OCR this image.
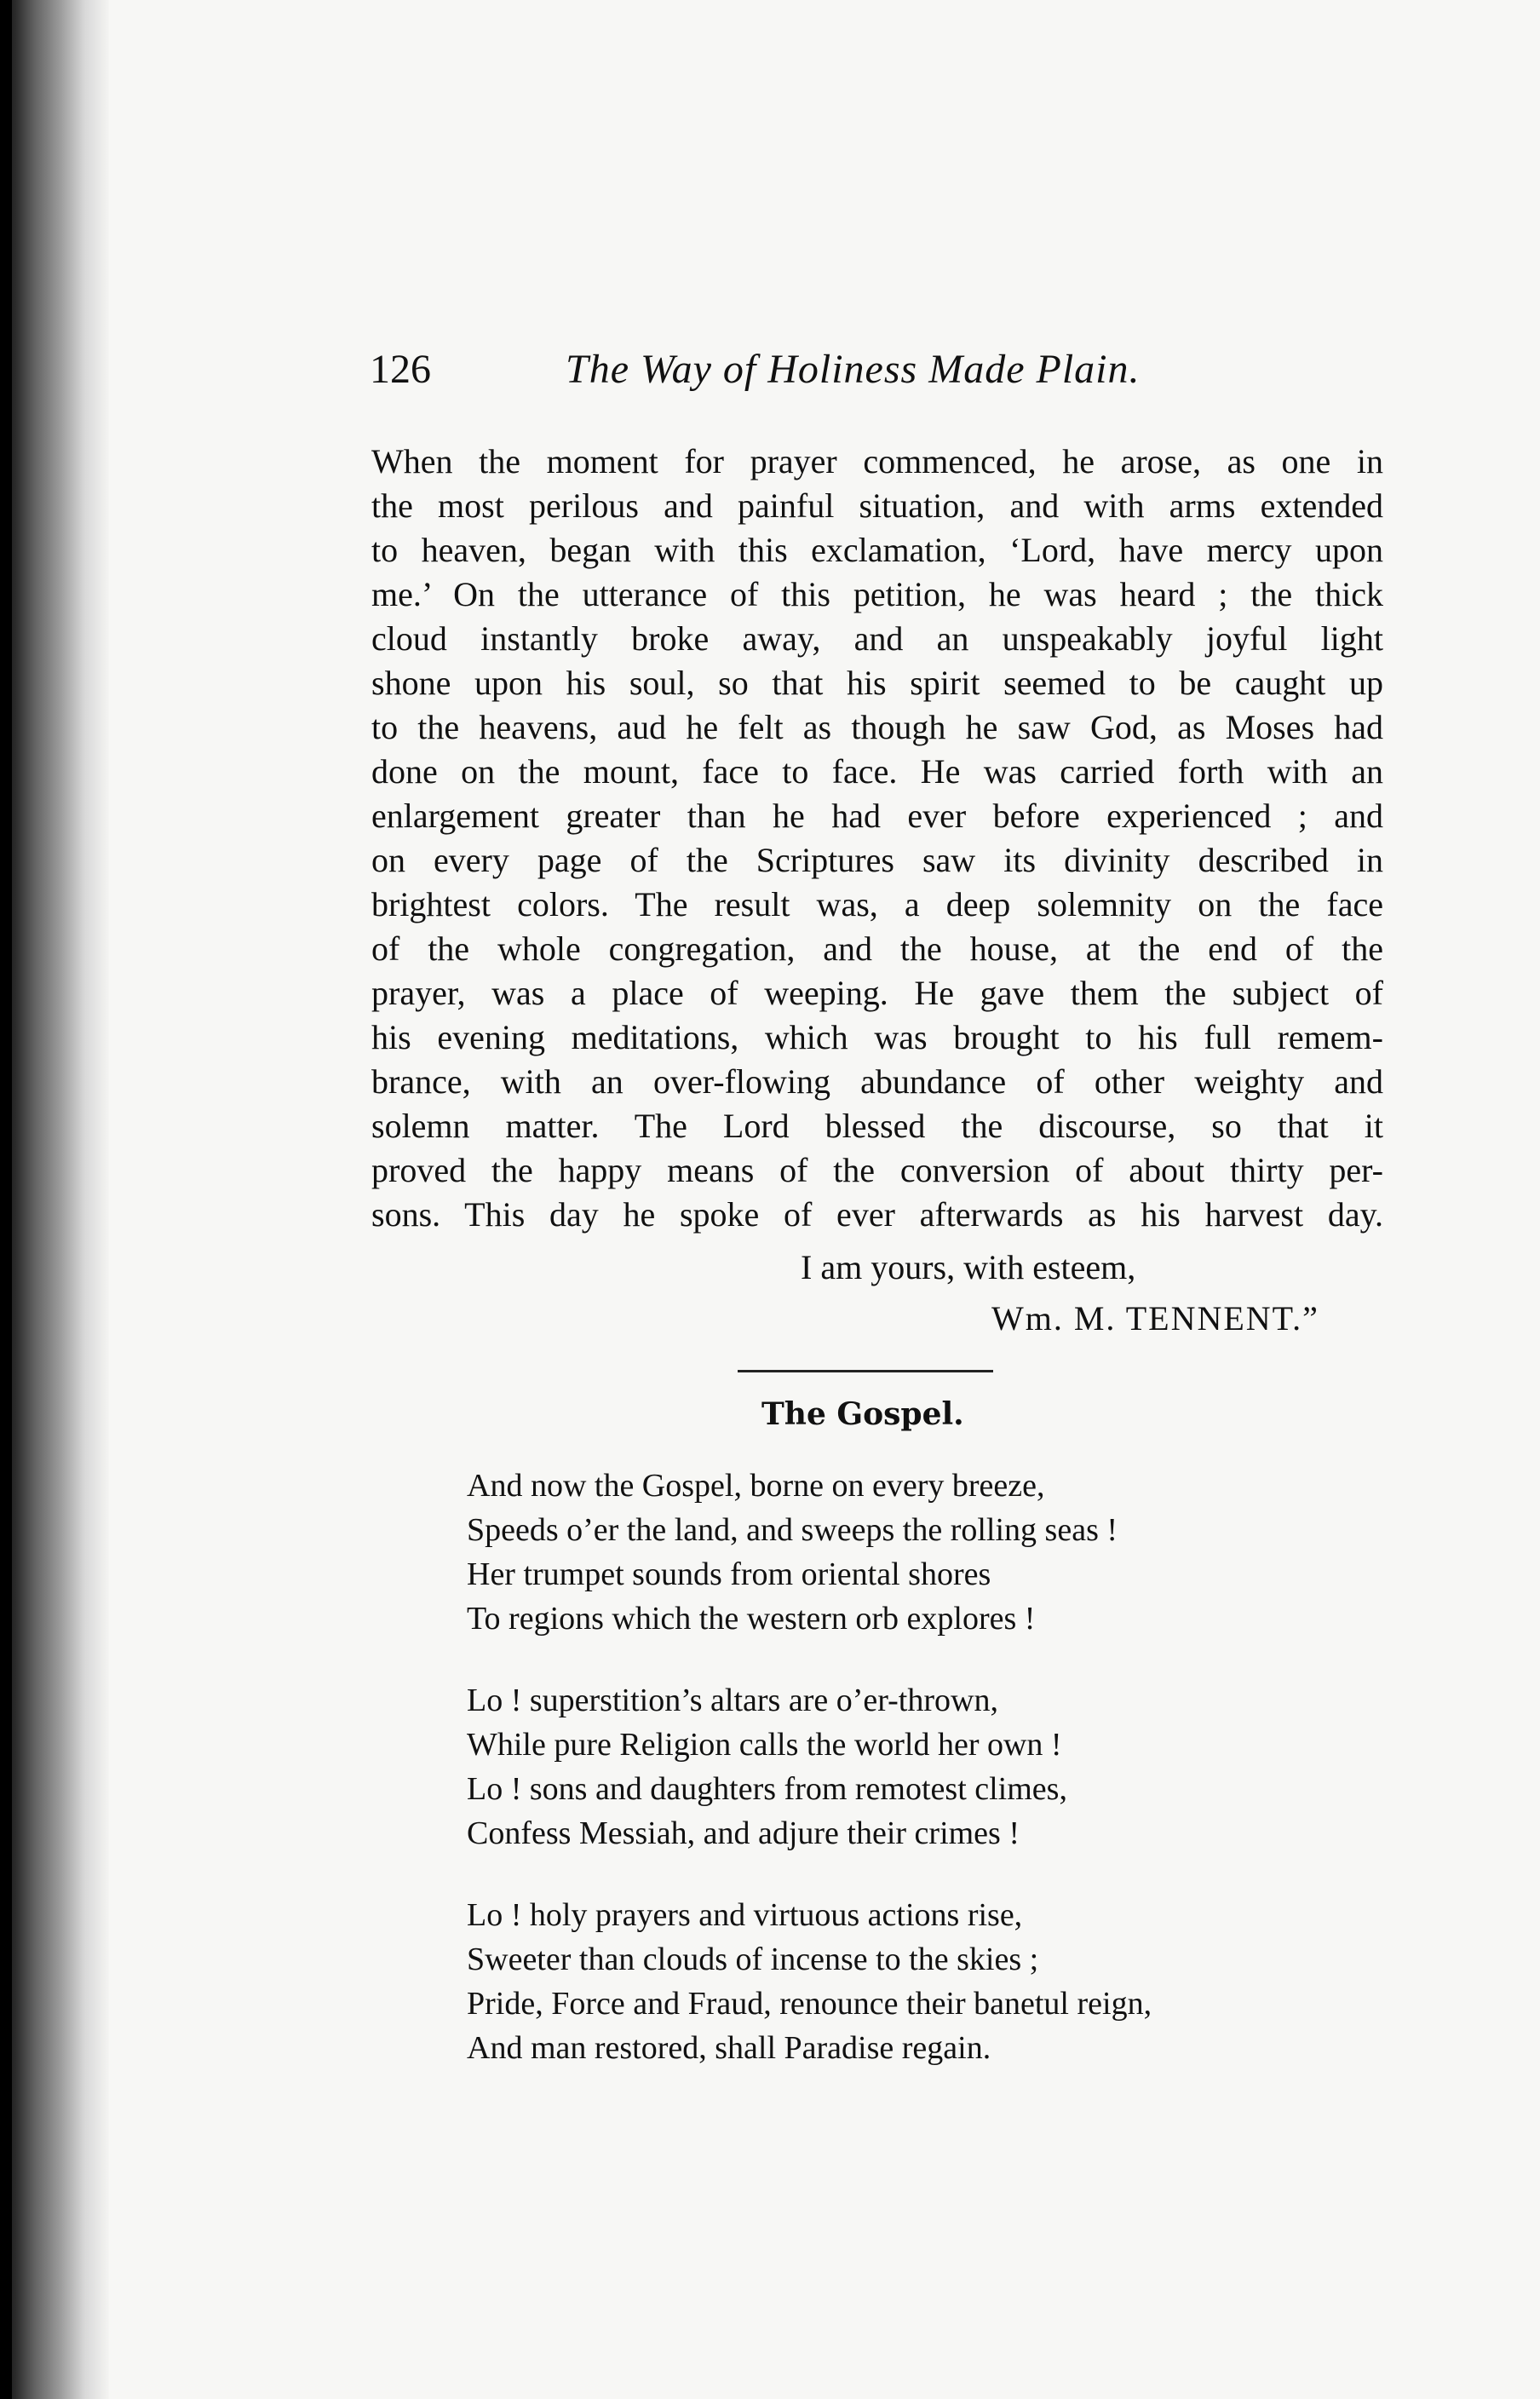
126	The Way of Holiness Made Plain.
When the moment for prayer commenced, he arose, as one in
the most perilous and painful situation, and with arms extended
to heaven, began with this exclamation, ‘Lord, have mercy upon
me.’ On the utterance of this petition, he was heard ; the thick
cloud instantly broke away, and an unspeakably joyful light
shone upon his soul, so that his spirit seemed to be caught up
to the heavens, aud he felt as though he saw God, as Moses had
done on the mount, face to face. He was carried forth with an
enlargement greater than he had ever before experienced ; and
on every page of the Scriptures saw its divinity described in
brightest colors. The result was, a deep solemnity on the face
of the whole congregation, and the house, at the end of the
prayer, was a place of weeping. He gave them the subject of
his evening meditations, which was brought to his full remem-
brance, with an over-flowing abundance of other weighty and
solemn matter. The Lord blessed the discourse, so that it
proved the happy means of the conversion of about thirty per-
sons. This day he spoke of ever afterwards as his harvest day.
I am yours, with esteem,
Wm. M. TENNENT.”
The Gospel.
And now the Gospel, borne on every breeze,
Speeds o’er the land, and sweeps the rolling seas !
Her trumpet sounds from oriental shores
To regions which the western orb explores !
Lo ! superstition’s altars are o’er-thrown,
While pure Religion calls the world her own !
Lo ! sons and daughters from remotest climes,
Confess Messiah, and adjure their crimes !
Lo ! holy prayers and virtuous actions rise,
Sweeter than clouds of incense to the skies ;
Pride, Force and Fraud, renounce their banetul reign,
And man restored, shall Paradise regain.
